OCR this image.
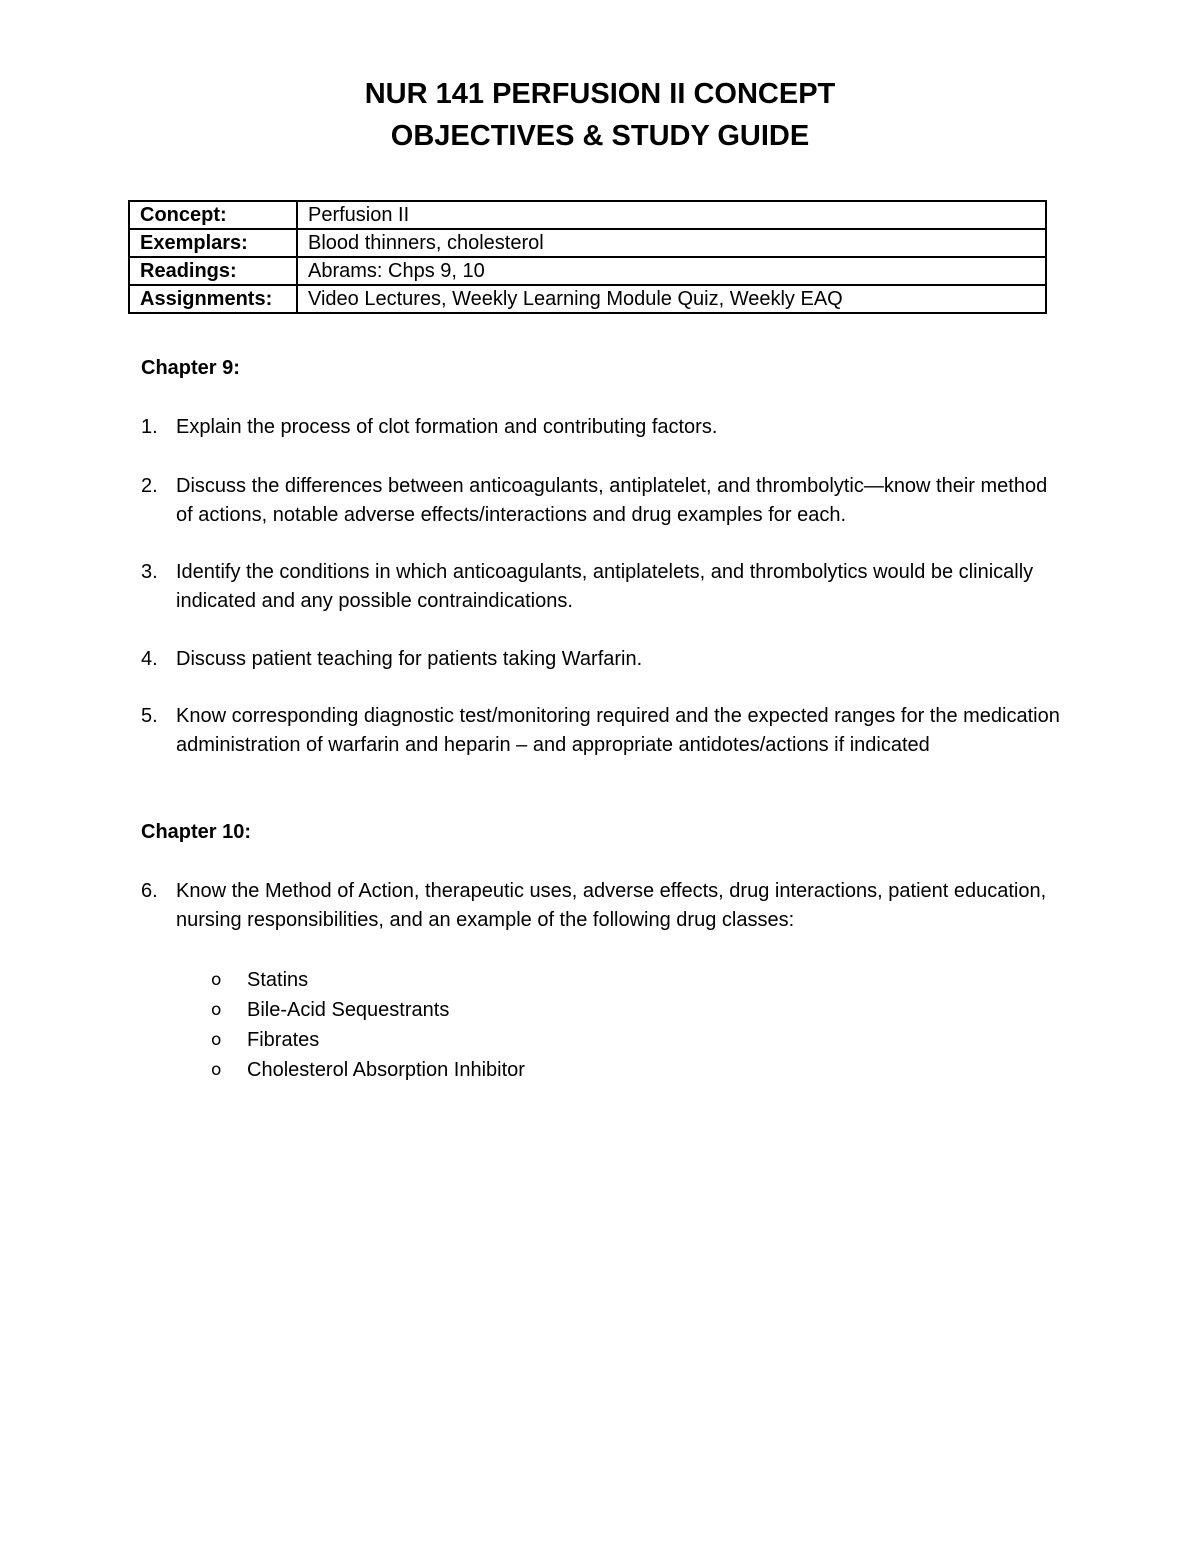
NUR 141 PERFUSION II CONCEPT
OBJECTIVES & STUDY GUIDE
Concept:	Perfusion II
Exemplars:	Blood thinners, cholesterol
Readings:	Abrams: Chps 9, 10
Assignments:	Video Lectures, Weekly Learning Module Quiz, Weekly EAQ
Chapter 9:
1. Explain the process of clot formation and contributing factors.
2. Discuss the differences between anticoagulants, antiplatelet, and thrombolytic—know their method of actions, notable adverse effects/interactions and drug examples for each.
3. Identify the conditions in which anticoagulants, antiplatelets, and thrombolytics would be clinically indicated and any possible contraindications.
4. Discuss patient teaching for patients taking Warfarin.
5. Know corresponding diagnostic test/monitoring required and the expected ranges for the medication administration of warfarin and heparin – and appropriate antidotes/actions if indicated
Chapter 10:
6. Know the Method of Action, therapeutic uses, adverse effects, drug interactions, patient education, nursing responsibilities, and an example of the following drug classes:
o Statins
o Bile-Acid Sequestrants
o Fibrates
o Cholesterol Absorption Inhibitor
